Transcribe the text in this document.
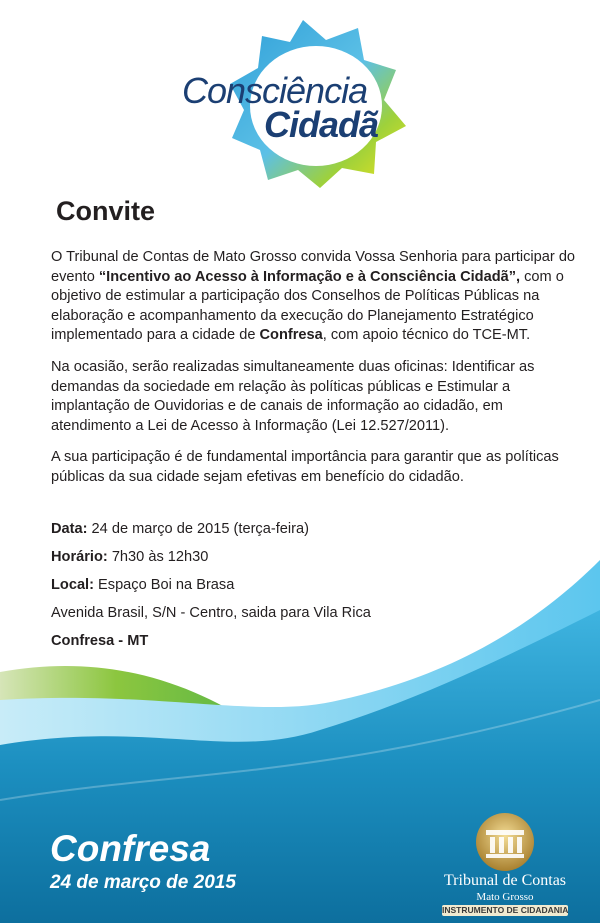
Consciência
Cidadã
Convite

O Tribunal de Contas de Mato Grosso convida Vossa Senhoria para participar do evento “Incentivo ao Acesso à Informação e à Consciência Cidadã”, com o objetivo de estimular a participação dos Conselhos de Políticas Públicas na elaboração e acompanhamento da execução do Planejamento Estratégico implementado para a cidade de Confresa, com apoio técnico do TCE-MT.

Na ocasião, serão realizadas simultaneamente duas oficinas: Identificar as demandas da sociedade em relação às políticas públicas e Estimular a implantação de Ouvidorias e de canais de informação ao cidadão, em atendimento a Lei de Acesso à Informação (Lei 12.527/2011).

A sua participação é de fundamental importância para garantir que as políticas públicas da sua cidade sejam efetivas em benefício do cidadão.

Data: 24 de março de 2015 (terça-feira)
Horário: 7h30 às 12h30
Local: Espaço Boi na Brasa
Avenida Brasil, S/N - Centro, saida para Vila Rica
Confresa - MT
Confresa
24 de março de 2015	Tribunal de Contas
Mato Grosso
INSTRUMENTO DE CIDADANIA
